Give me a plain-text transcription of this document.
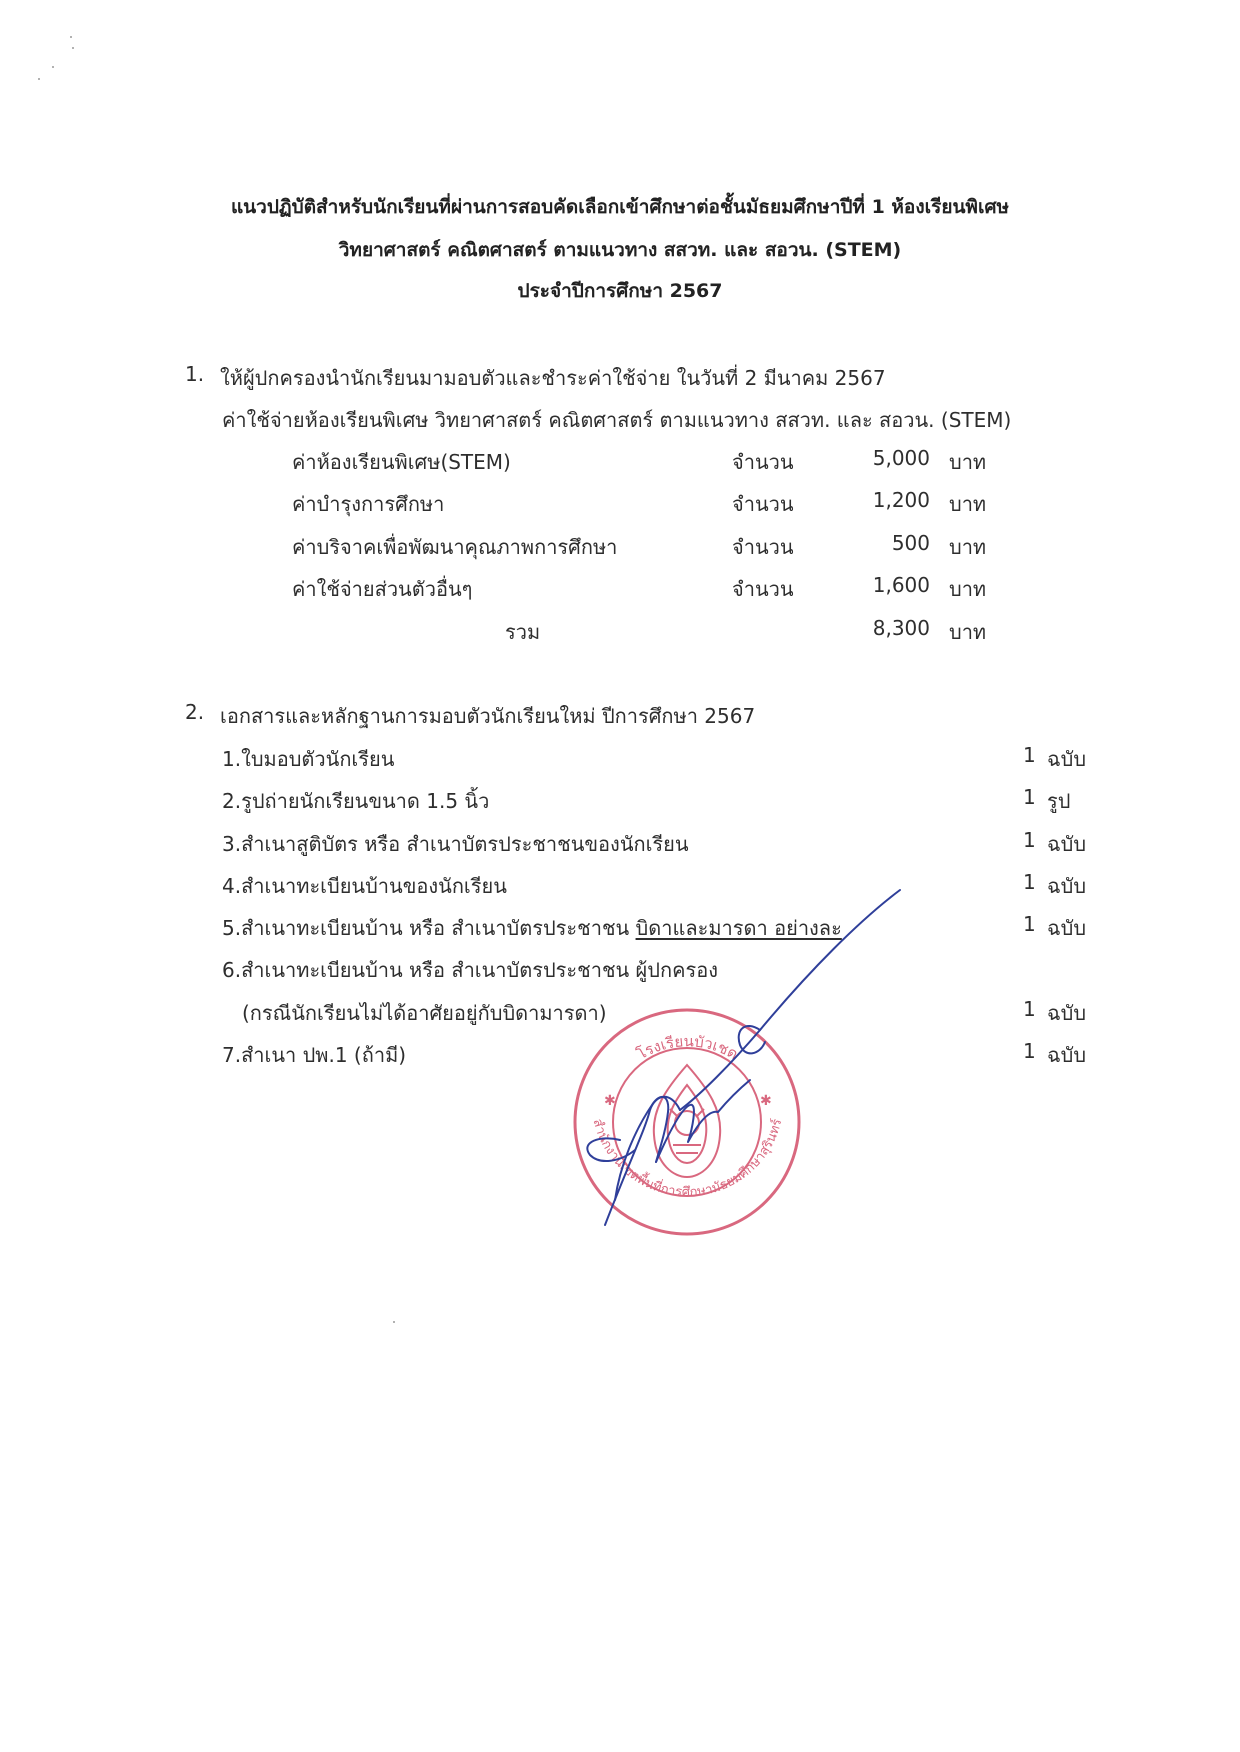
แนวปฏิบัติสำหรับนักเรียนที่ผ่านการสอบคัดเลือกเข้าศึกษาต่อชั้นมัธยมศึกษาปีที่ 1 ห้องเรียนพิเศษ
วิทยาศาสตร์ คณิตศาสตร์ ตามแนวทาง สสวท. และ สอวน. (STEM)
ประจำปีการศึกษา 2567
1. ให้ผู้ปกครองนำนักเรียนมามอบตัวและชำระค่าใช้จ่าย ในวันที่ 2 มีนาคม 2567
ค่าใช้จ่ายห้องเรียนพิเศษ วิทยาศาสตร์ คณิตศาสตร์ ตามแนวทาง สสวท. และ สอวน. (STEM)
ค่าห้องเรียนพิเศษ(STEM)	จำนวน	5,000 บาท
ค่าบำรุงการศึกษา	จำนวน	1,200 บาท
ค่าบริจาคเพื่อพัฒนาคุณภาพการศึกษา	จำนวน	500 บาท
ค่าใช้จ่ายส่วนตัวอื่นๆ	จำนวน	1,600 บาท
รวม	8,300 บาท
2. เอกสารและหลักฐานการมอบตัวนักเรียนใหม่ ปีการศึกษา 2567
1.ใบมอบตัวนักเรียน	1 ฉบับ
2.รูปถ่ายนักเรียนขนาด 1.5 นิ้ว	1 รูป
3.สำเนาสูติบัตร หรือ สำเนาบัตรประชาชนของนักเรียน	1 ฉบับ
4.สำเนาทะเบียนบ้านของนักเรียน	1 ฉบับ
5.สำเนาทะเบียนบ้าน หรือ สำเนาบัตรประชาชน บิดาและมารดา อย่างละ	1 ฉบับ
6.สำเนาทะเบียนบ้าน หรือ สำเนาบัตรประชาชน ผู้ปกครอง
(กรณีนักเรียนไม่ได้อาศัยอยู่กับบิดามารดา)	1 ฉบับ
7.สำเนา ปพ.1 (ถ้ามี)	1 ฉบับ
โรงเรียนบัวเชด
สำนักงานเขตพื้นที่การศึกษามัธยมศึกษาสุรินทร์
✱	✱
